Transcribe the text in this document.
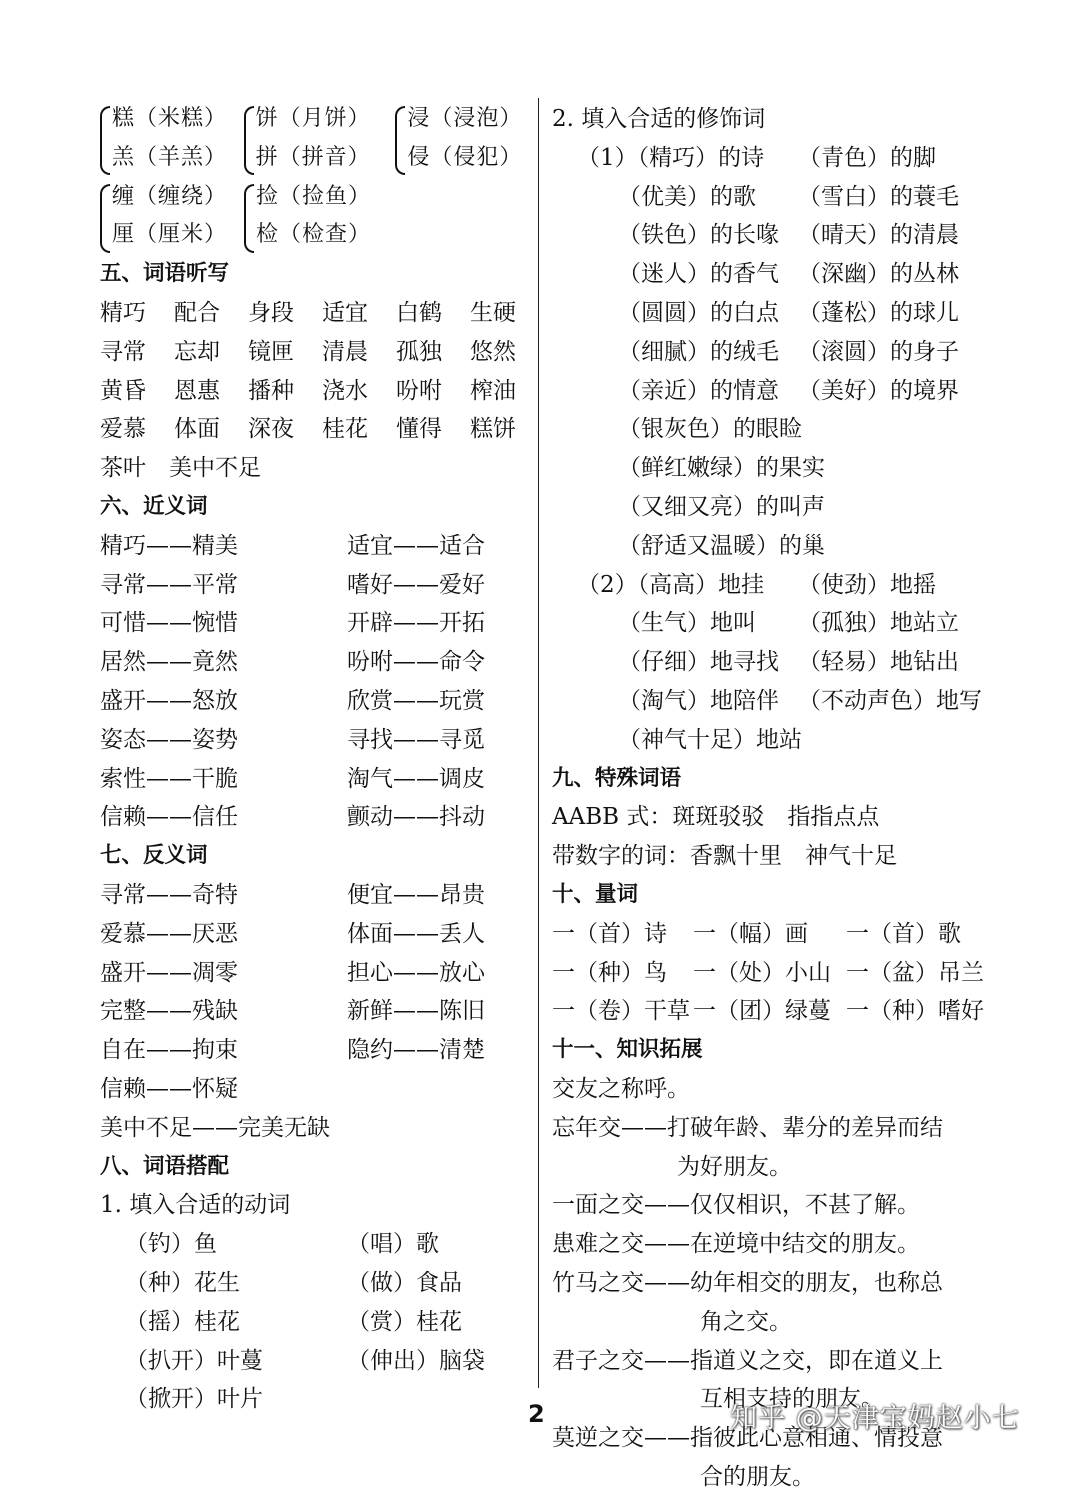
糕（米糕）
羔（羊羔）
饼（月饼）
拼（拼音）
浸（浸泡）
侵（侵犯）
缠（缠绕）
厘（厘米）
捡（捡鱼）
检（检查）
五、词语听写
精巧	配合	身段	适宜	白鹤	生硬
寻常	忘却	镜匣	清晨	孤独	悠然
黄昏	恩惠	播种	浇水	吩咐	榨油
爱慕	体面	深夜	桂花	懂得	糕饼
茶叶　美中不足
六、近义词
精巧——精美	适宜——适合
寻常——平常	嗜好——爱好
可惜——惋惜	开辟——开拓
居然——竟然	吩咐——命令
盛开——怒放	欣赏——玩赏
姿态——姿势	寻找——寻觅
索性——干脆	淘气——调皮
信赖——信任	颤动——抖动
七、反义词
寻常——奇特	便宜——昂贵
爱慕——厌恶	体面——丢人
盛开——凋零	担心——放心
完整——残缺	新鲜——陈旧
自在——拘束	隐约——清楚
信赖——怀疑
美中不足——完美无缺
八、词语搭配
1. 填入合适的动词
（钓）鱼	（唱）歌
（种）花生	（做）食品
（摇）桂花	（赏）桂花
（扒开）叶蔓	（伸出）脑袋
（掀开）叶片
2. 填入合适的修饰词
（1）（精巧）的诗	（青色）的脚
（优美）的歌	（雪白）的蓑毛
（铁色）的长喙 （晴天）的清晨
（迷人）的香气 （深幽）的丛林
（圆圆）的白点 （蓬松）的球儿
（细腻）的绒毛 （滚圆）的身子
（亲近）的情意 （美好）的境界
（银灰色）的眼睑
（鲜红嫩绿）的果实
（又细又亮）的叫声
（舒适又温暖）的巢
（2）（高高）地挂	（使劲）地摇
（生气）地叫	（孤独）地站立
（仔细）地寻找 （轻易）地钻出
（淘气）地陪伴 （不动声色）地写
（神气十足）地站
九、特殊词语
AABB 式：斑斑驳驳　指指点点
带数字的词：香飘十里　神气十足
十、量词
一（首）诗	一（幅）画	一（首）歌
一（种）鸟	一（处）小山 一（盆）吊兰
一（卷）干草 一（团）绿蔓 一（种）嗜好
十一、知识拓展
交友之称呼。
忘年交——打破年龄、辈分的差异而结
为好朋友。
一面之交——仅仅相识，不甚了解。
患难之交——在逆境中结交的朋友。
竹马之交——幼年相交的朋友，也称总
角之交。
君子之交——指道义之交，即在道义上
互相支持的朋友。
莫逆之交——指彼此心意相通、情投意
合的朋友。
2	知乎 @天津宝妈赵小七
